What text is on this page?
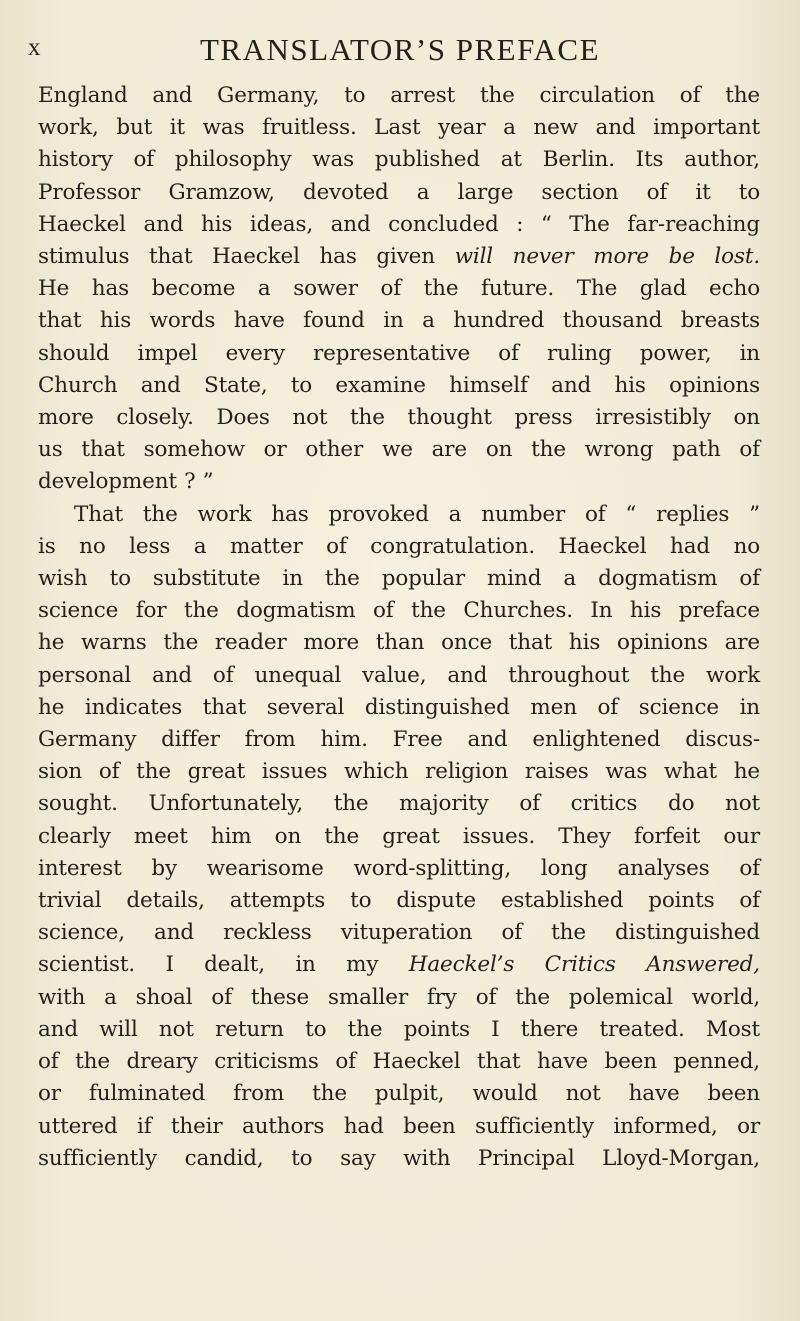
x	TRANSLATOR’S PREFACE
England and Germany, to arrest the circulation of the
work, but it was fruitless. Last year a new and important
history of philosophy was published at Berlin. Its author,
Professor Gramzow, devoted a large section of it to
Haeckel and his ideas, and concluded : “ The far-reaching
stimulus that Haeckel has given will never more be lost.
He has become a sower of the future. The glad echo
that his words have found in a hundred thousand breasts
should impel every representative of ruling power, in
Church and State, to examine himself and his opinions
more closely. Does not the thought press irresistibly on
us that somehow or other we are on the wrong path of
development ? ”
That the work has provoked a number of “ replies ”
is no less a matter of congratulation. Haeckel had no
wish to substitute in the popular mind a dogmatism of
science for the dogmatism of the Churches. In his preface
he warns the reader more than once that his opinions are
personal and of unequal value, and throughout the work
he indicates that several distinguished men of science in
Germany differ from him. Free and enlightened discus-
sion of the great issues which religion raises was what he
sought. Unfortunately, the majority of critics do not
clearly meet him on the great issues. They forfeit our
interest by wearisome word-splitting, long analyses of
trivial details, attempts to dispute established points of
science, and reckless vituperation of the distinguished
scientist. I dealt, in my Haeckel’s Critics Answered,
with a shoal of these smaller fry of the polemical world,
and will not return to the points I there treated. Most
of the dreary criticisms of Haeckel that have been penned,
or fulminated from the pulpit, would not have been
uttered if their authors had been sufficiently informed, or
sufficiently candid, to say with Principal Lloyd-Morgan,
